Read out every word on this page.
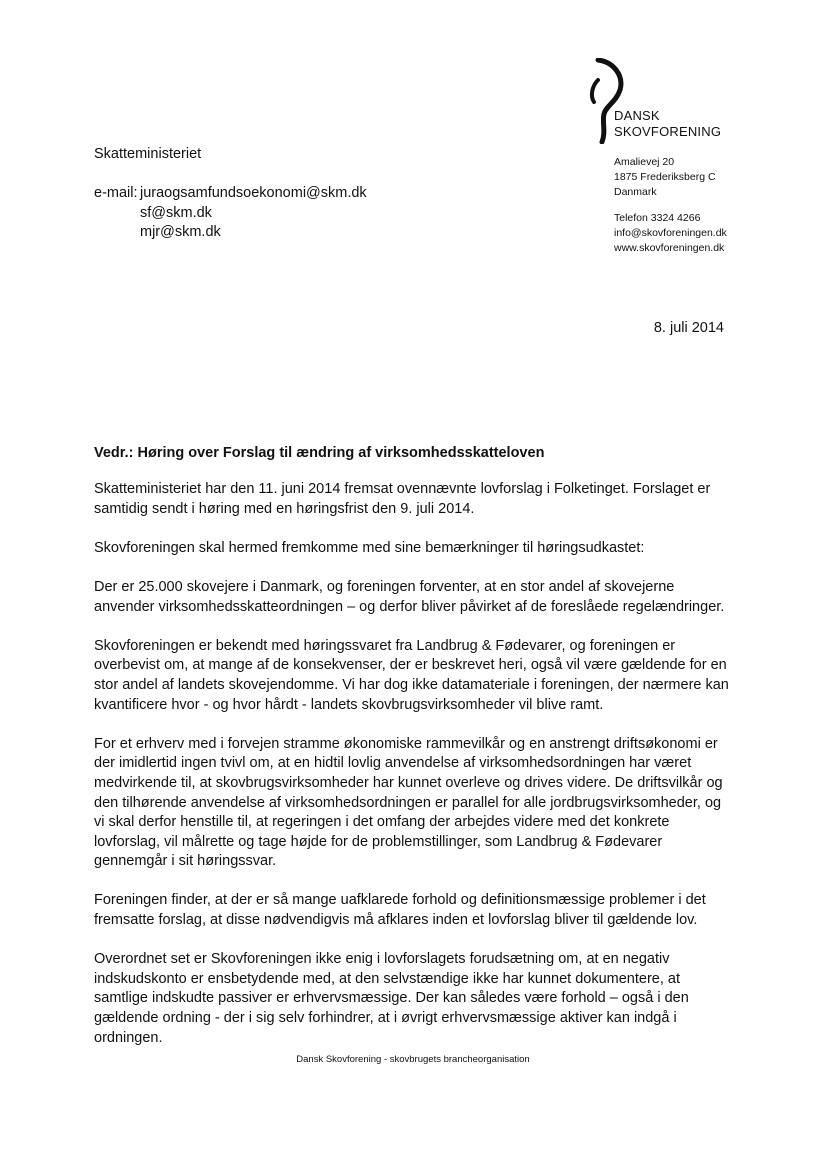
DANSK
SKOVFORENING
Amalievej 20
1875 Frederiksberg C
Danmark
Telefon 3324 4266
info@skovforeningen.dk
www.skovforeningen.dk
Skatteministeriet
e-mail: juraogsamfundsoekonomi@skm.dk
sf@skm.dk
mjr@skm.dk
8. juli 2014
Vedr.: Høring over Forslag til ændring af virksomhedsskatteloven

Skatteministeriet har den 11. juni 2014 fremsat ovennævnte lovforslag i Folketinget. Forslaget er samtidig sendt i høring med en høringsfrist den 9. juli 2014.

Skovforeningen skal hermed fremkomme med sine bemærkninger til høringsudkastet:

Der er 25.000 skovejere i Danmark, og foreningen forventer, at en stor andel af skovejerne anvender virksomhedsskatteordningen – og derfor bliver påvirket af de foreslåede regelændringer.

Skovforeningen er bekendt med høringssvaret fra Landbrug & Fødevarer, og foreningen er overbevist om, at mange af de konsekvenser, der er beskrevet heri, også vil være gældende for en stor andel af landets skovejendomme. Vi har dog ikke datamateriale i foreningen, der nærmere kan kvantificere hvor - og hvor hårdt - landets skovbrugsvirksomheder vil blive ramt.

For et erhverv med i forvejen stramme økonomiske rammevilkår og en anstrengt driftsøkonomi er der imidlertid ingen tvivl om, at en hidtil lovlig anvendelse af virksomhedsordningen har været medvirkende til, at skovbrugsvirksomheder har kunnet overleve og drives videre. De driftsvilkår og den tilhørende anvendelse af virksomhedsordningen er parallel for alle jordbrugsvirksomheder, og vi skal derfor henstille til, at regeringen i det omfang der arbejdes videre med det konkrete lovforslag, vil målrette og tage højde for de problemstillinger, som Landbrug & Fødevarer gennemgår i sit høringssvar.

Foreningen finder, at der er så mange uafklarede forhold og definitionsmæssige problemer i det fremsatte forslag, at disse nødvendigvis må afklares inden et lovforslag bliver til gældende lov.

Overordnet set er Skovforeningen ikke enig i lovforslagets forudsætning om, at en negativ indskudskonto er ensbetydende med, at den selvstændige ikke har kunnet dokumentere, at samtlige indskudte passiver er erhvervsmæssige. Der kan således være forhold – også i den gældende ordning - der i sig selv forhindrer, at i øvrigt erhvervsmæssige aktiver kan indgå i ordningen.

Dansk Skovforening - skovbrugets brancheorganisation
